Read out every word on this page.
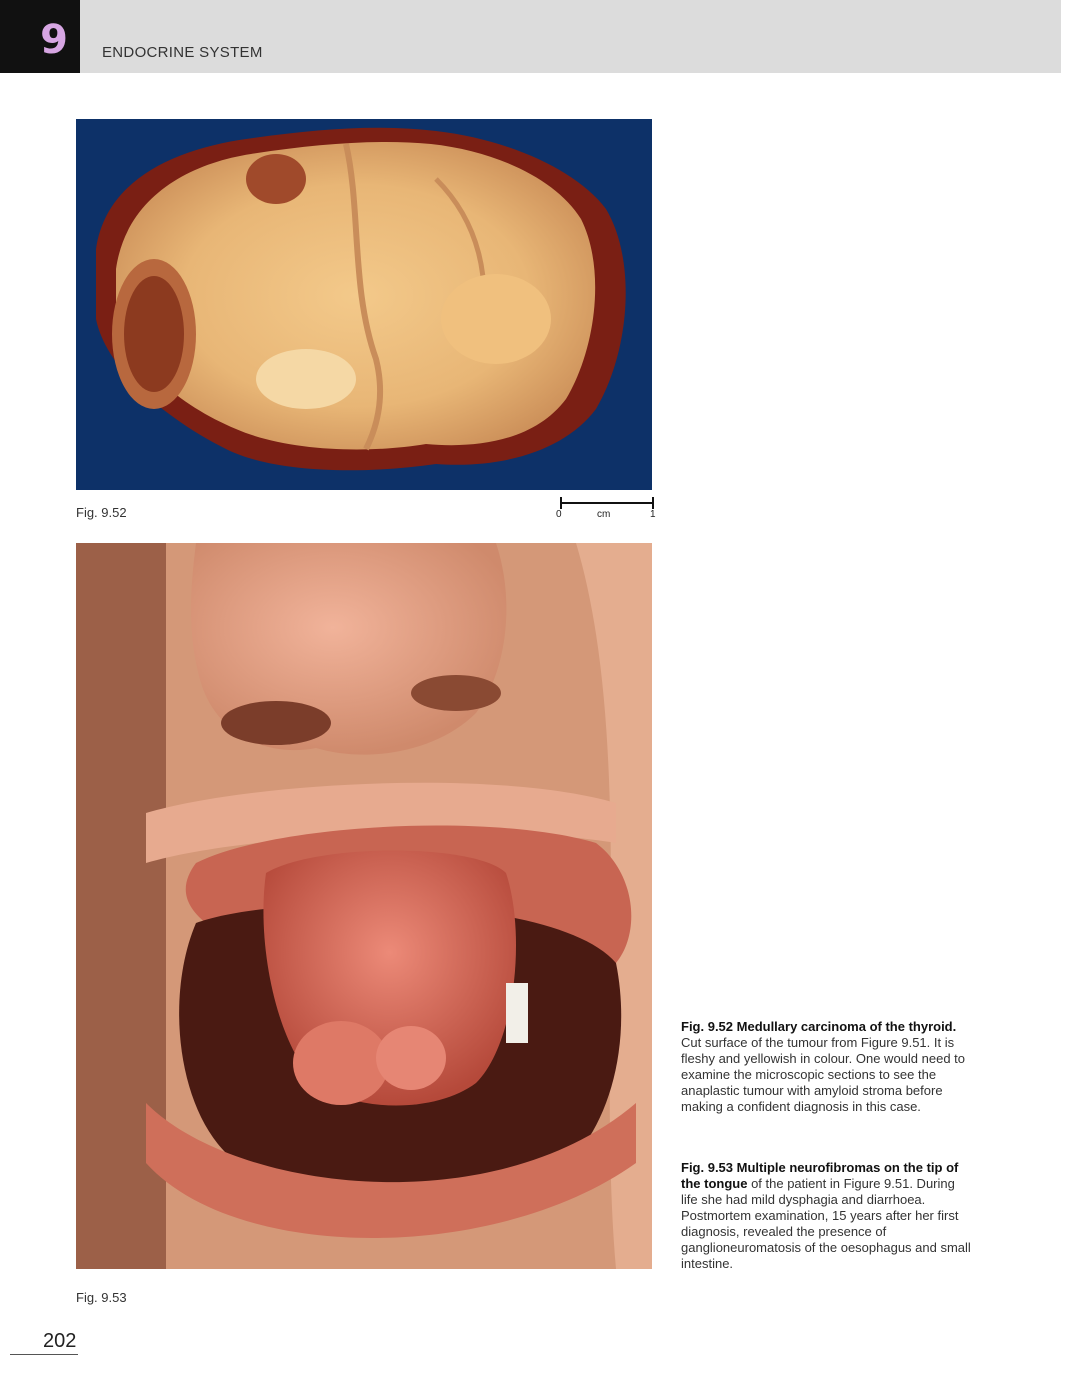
9	ENDOCRINE SYSTEM
Fig. 9.52	0	cm	1
Fig. 9.53
Fig. 9.52 Medullary carcinoma of the thyroid. Cut surface of the tumour from Figure 9.51. It is fleshy and yellowish in colour. One would need to examine the microscopic sections to see the anaplastic tumour with amyloid stroma before making a confident diagnosis in this case.
Fig. 9.53 Multiple neurofibromas on the tip of the tongue of the patient in Figure 9.51. During life she had mild dysphagia and diarrhoea. Postmortem examination, 15 years after her first diagnosis, revealed the presence of ganglioneuromatosis of the oesophagus and small intestine.
202
